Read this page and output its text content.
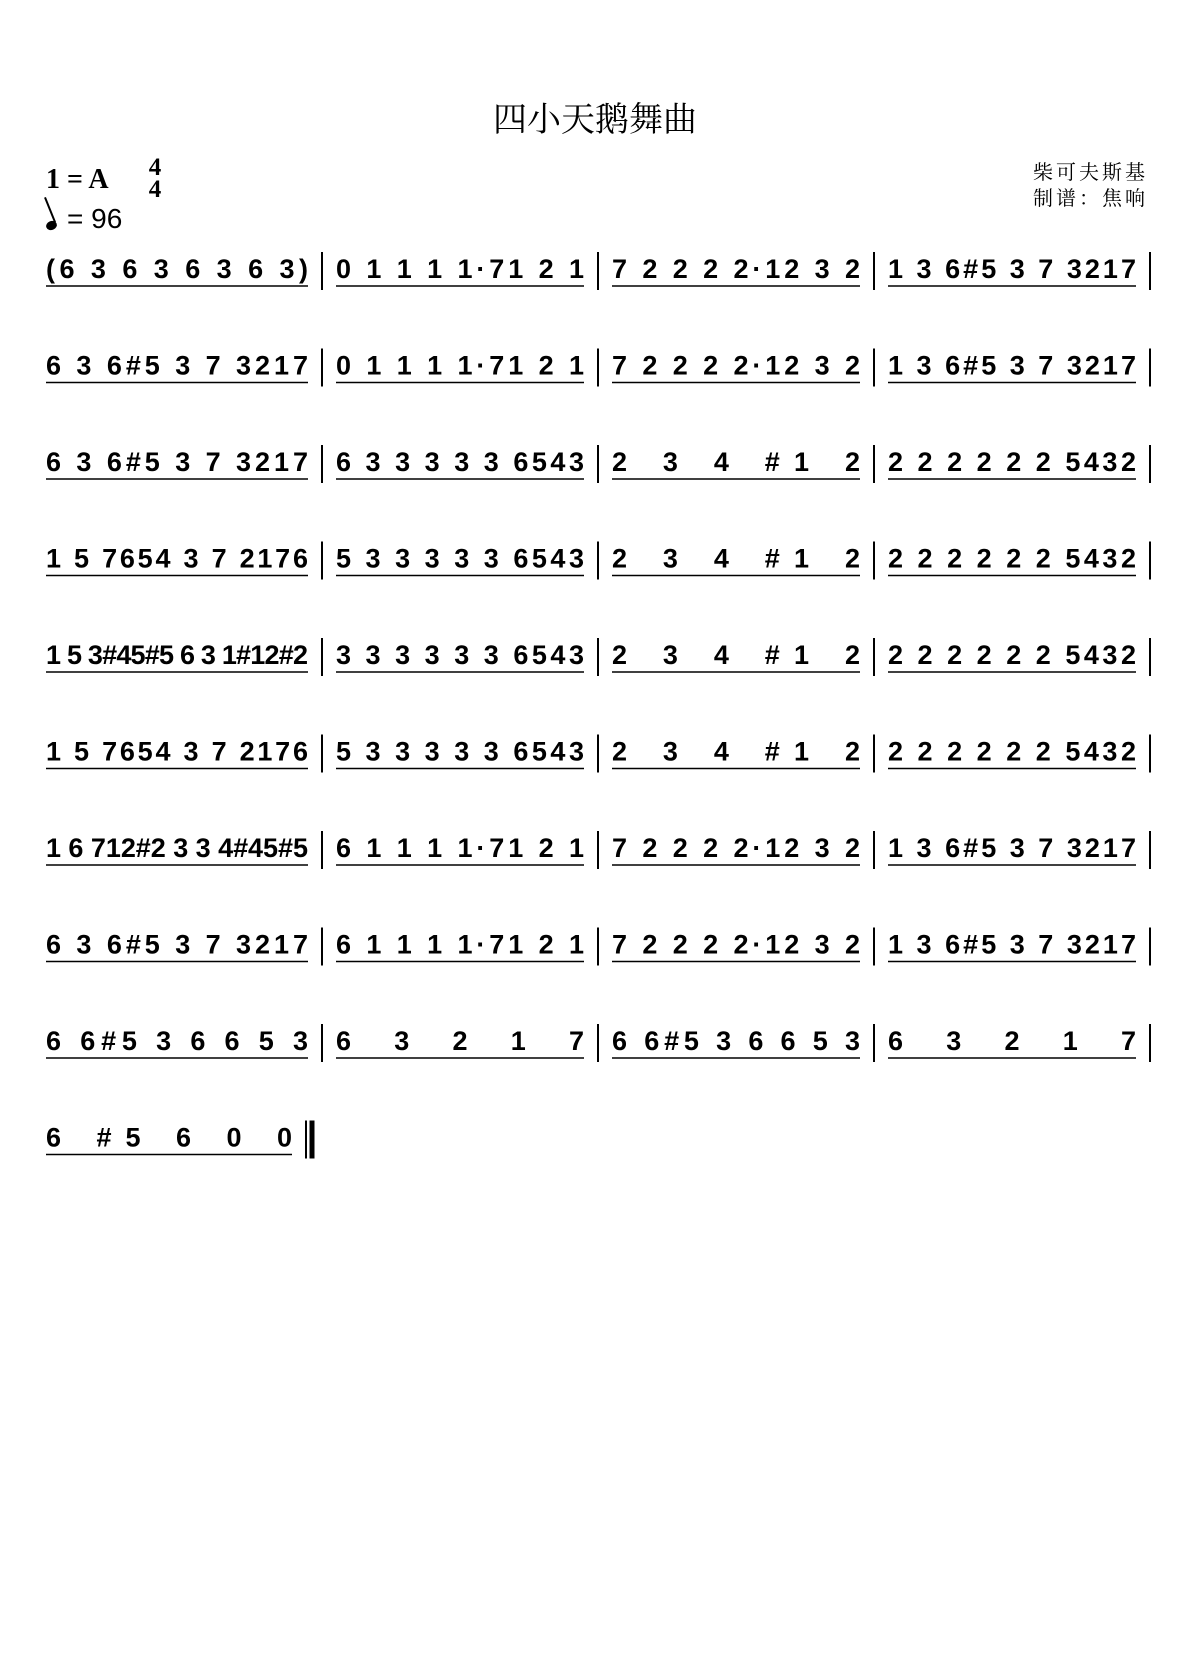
四小天鹅舞曲
1 = A 4
4
= 96
柴可夫斯基
制谱：焦响
(6 3 6 3 6 3 6 3) 0 1 1 1 1·71 2 1 7 2 2 2 2·12 3 2 1 3 6#5 3 7 3217
6 3 6#5 3 7 3217 0 1 1 1 1·71 2 1 7 2 2 2 2·12 3 2 1 3 6#5 3 7 3217
6 3 6#5 3 7 3217 6 3 3 3 3 3 6543 2 3 4 #1 2 2 2 2 2 2 2 5432
1 5 7654 3 7 2176 5 3 3 3 3 3 6543 2 3 4 #1 2 2 2 2 2 2 2 5432
1 5 3#45#5 6 3 1#12#2 3 3 3 3 3 3 6543 2 3 4 #1 2 2 2 2 2 2 2 5432
1 5 7654 3 7 2176 5 3 3 3 3 3 6543 2 3 4 #1 2 2 2 2 2 2 2 5432
1 6 712#2 3 3 4#45#5 6 1 1 1 1·71 2 1 7 2 2 2 2·12 3 2 1 3 6#5 3 7 3217
6 3 6#5 3 7 3217 6 1 1 1 1·71 2 1 7 2 2 2 2·12 3 2 1 3 6#5 3 7 3217
6 6#5 3 6 6 5 3 6 3 2 1 7 6 6#5 3 6 6 5 3 6 3 2 1 7
6 #5 6 0 0
